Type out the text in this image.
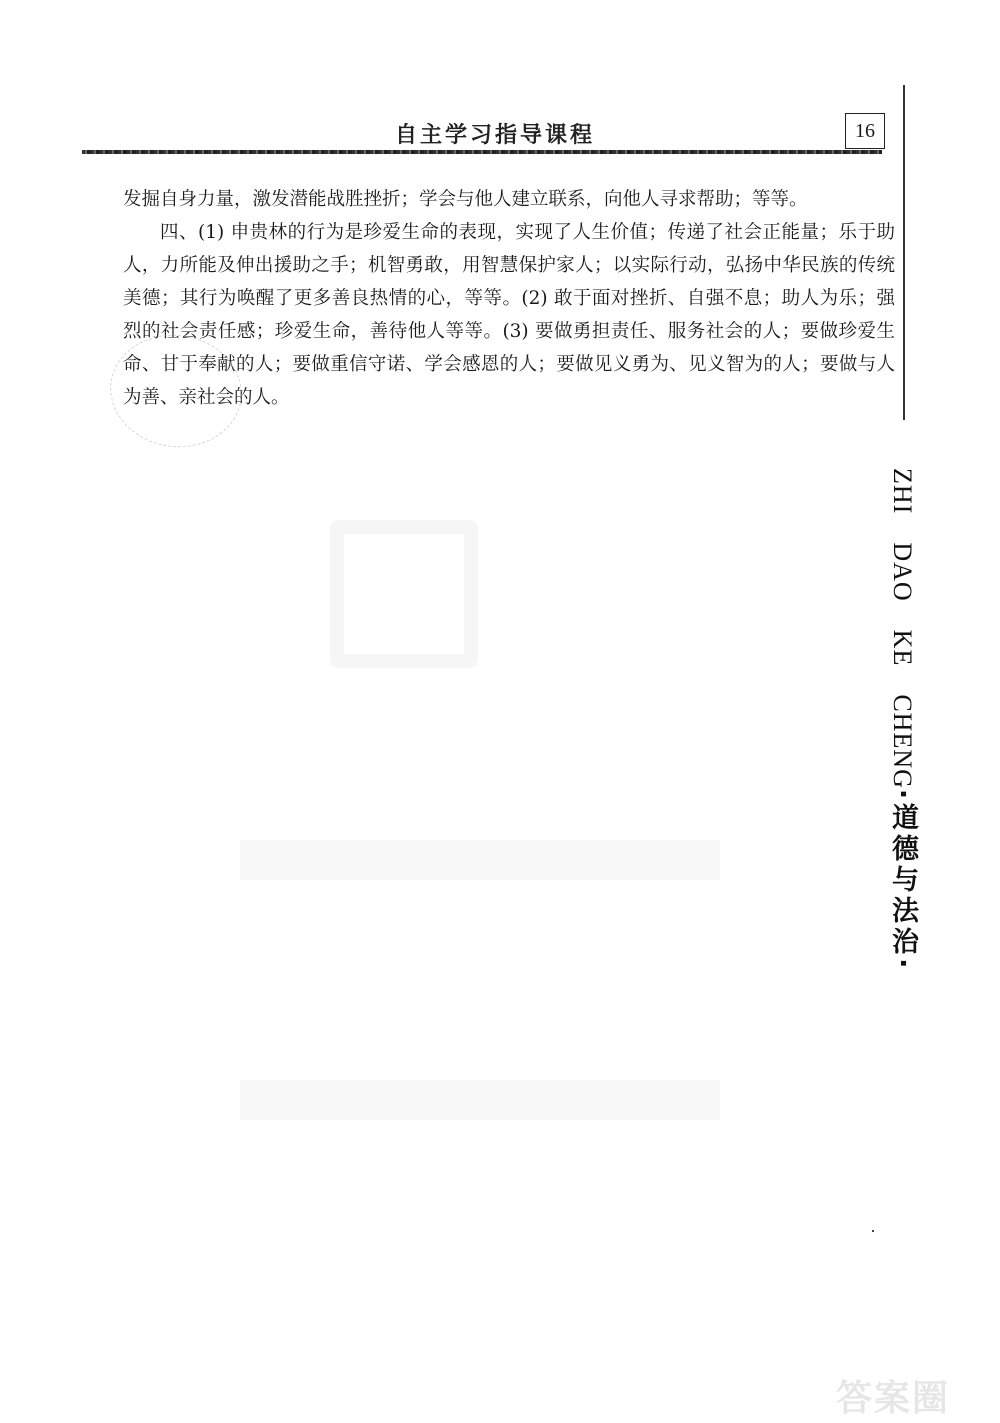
自主学习指导课程	16

发掘自身力量，激发潜能战胜挫折；学会与他人建立联系，向他人寻求帮助；等等。

四、(1) 申贵林的行为是珍爱生命的表现，实现了人生价值；传递了社会正能量；乐于助人，力所能及伸出援助之手；机智勇敢，用智慧保护家人；以实际行动，弘扬中华民族的传统美德；其行为唤醒了更多善良热情的心，等等。(2) 敢于面对挫折、自强不息；助人为乐；强烈的社会责任感；珍爱生命，善待他人等等。(3) 要做勇担责任、服务社会的人；要做珍爱生命、甘于奉献的人；要做重信守诺、学会感恩的人；要做见义勇为、见义智为的人；要做与人为善、亲社会的人。

ZHIDAOKECHENG·道德与法治·
答案圈
